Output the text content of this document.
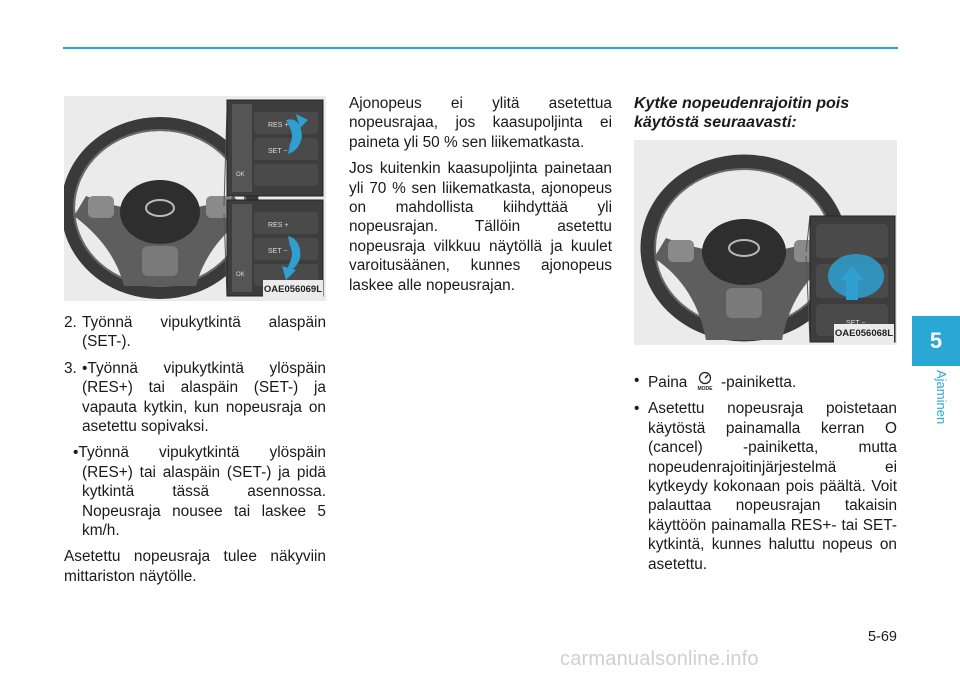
RES +
SET −
OK
RES +
SET −
OK
OAE056069L
2. Työnnä vipukytkintä alaspäin (SET-).
3. •Työnnä vipukytkintä ylöspäin (RES+) tai alaspäin (SET-) ja vapauta kytkin, kun nopeusraja on asetettu sopivaksi.

•Työnnä vipukytkintä ylöspäin (RES+) tai alaspäin (SET-) ja pidä kytkintä tässä asennossa. Nopeusraja nousee tai laskee 5 km/h.

Asetettu nopeusraja tulee näkyviin mittariston näytölle.

Ajonopeus ei ylitä asetettua nopeusrajaa, jos kaasupoljinta ei paineta yli 50 % sen liikematkasta.

Jos kuitenkin kaasupoljinta painetaan yli 70 % sen liikematkasta, ajonopeus on mahdollista kiihdyttää yli nopeusrajan. Tällöin asetettu nopeusraja vilkkuu näytöllä ja kuulet varoitusäänen, kunnes ajonopeus laskee alle nopeusrajan.

Kytke nopeudenrajoitin pois käytöstä seuraavasti:
OAE056068L
• Paina MODE -painiketta.
• Asetettu nopeusraja poistetaan käytöstä painamalla kerran O (cancel) -painiketta, mutta nopeudenrajoitinjärjestelmä ei kytkeydy kokonaan pois päältä. Voit palauttaa nopeusrajan takaisin käyttöön painamalla RES+- tai SET-kytkintä, kunnes haluttu nopeus on asetettu.
5
Ajaminen
5-69
carmanualsonline.info
